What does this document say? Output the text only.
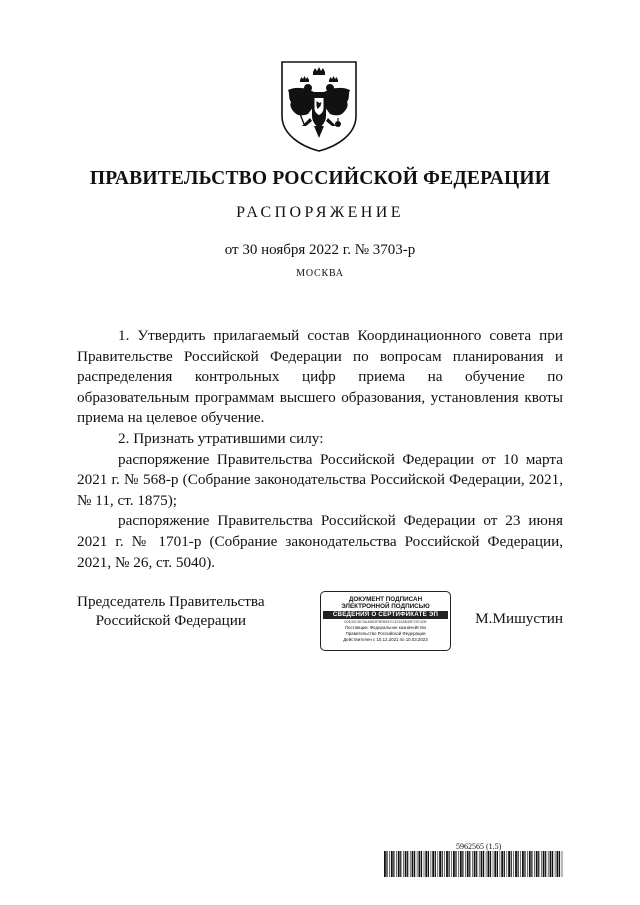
ПРАВИТЕЛЬСТВО РОССИЙСКОЙ ФЕДЕРАЦИИ
РАСПОРЯЖЕНИЕ
от 30 ноября 2022 г. № 3703-р
МОСКВА

1. Утвердить прилагаемый состав Координационного совета при Правительстве Российской Федерации по вопросам планирования и распределения контрольных цифр приема на обучение по образовательным программам высшего образования, установления квоты приема на целевое обучение.

2. Признать утратившими силу:

распоряжение Правительства Российской Федерации от 10 марта 2021 г. № 568-р (Собрание законодательства Российской Федерации, 2021, № 11, ст. 1875);

распоряжение Правительства Российской Федерации от 23 июня 2021 г. № 1701-р (Собрание законодательства Российской Федерации, 2021, № 26, ст. 5040).

Председатель Правительства
Российской Федерации
ДОКУМЕНТ ПОДПИСАН
ЭЛЕКТРОННОЙ ПОДПИСЬЮ
СВЕДЕНИЯ О СЕРТИФИКАТЕ ЭП
00E33C8C5A48B3F8EB8F2132328B39F29742B
Поставщик: Федеральное казначейство
Правительство Российской Федерации
Действителен с 10.12.2021 по 10.03.2023
М.Мишустин
5962565 (1.5)
